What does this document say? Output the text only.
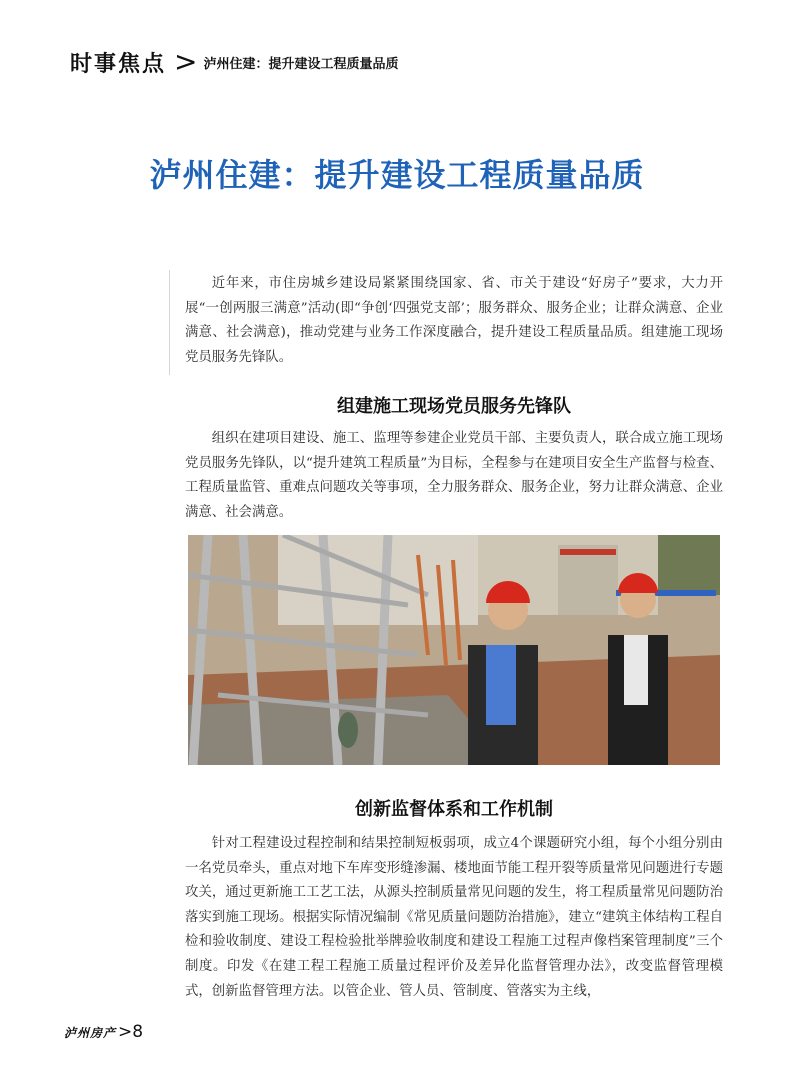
时事焦点 > 泸州住建：提升建设工程质量品质
泸州住建：提升建设工程质量品质

近年来，市住房城乡建设局紧紧围绕国家、省、市关于建设“好房子”要求，大力开展“一创两服三满意”活动(即“争创‘四强党支部’；服务群众、服务企业；让群众满意、企业满意、社会满意)，推动党建与业务工作深度融合，提升建设工程质量品质。组建施工现场党员服务先锋队。

组建施工现场党员服务先锋队

组织在建项目建设、施工、监理等参建企业党员干部、主要负责人，联合成立施工现场党员服务先锋队，以“提升建筑工程质量”为目标，全程参与在建项目安全生产监督与检查、工程质量监管、重难点问题攻关等事项，全力服务群众、服务企业，努力让群众满意、企业满意、社会满意。

创新监督体系和工作机制

针对工程建设过程控制和结果控制短板弱项，成立4个课题研究小组，每个小组分别由一名党员牵头，重点对地下车库变形缝渗漏、楼地面节能工程开裂等质量常见问题进行专题攻关，通过更新施工工艺工法，从源头控制质量常见问题的发生，将工程质量常见问题防治落实到施工现场。根据实际情况编制《常见质量问题防治措施》，建立“建筑主体结构工程自检和验收制度、建设工程检验批举牌验收制度和建设工程施工过程声像档案管理制度”三个制度。印发《在建工程工程施工质量过程评价及差异化监督管理办法》，改变监督管理模式，创新监督管理方法。以管企业、管人员、管制度、管落实为主线，

泸州房产 >8
